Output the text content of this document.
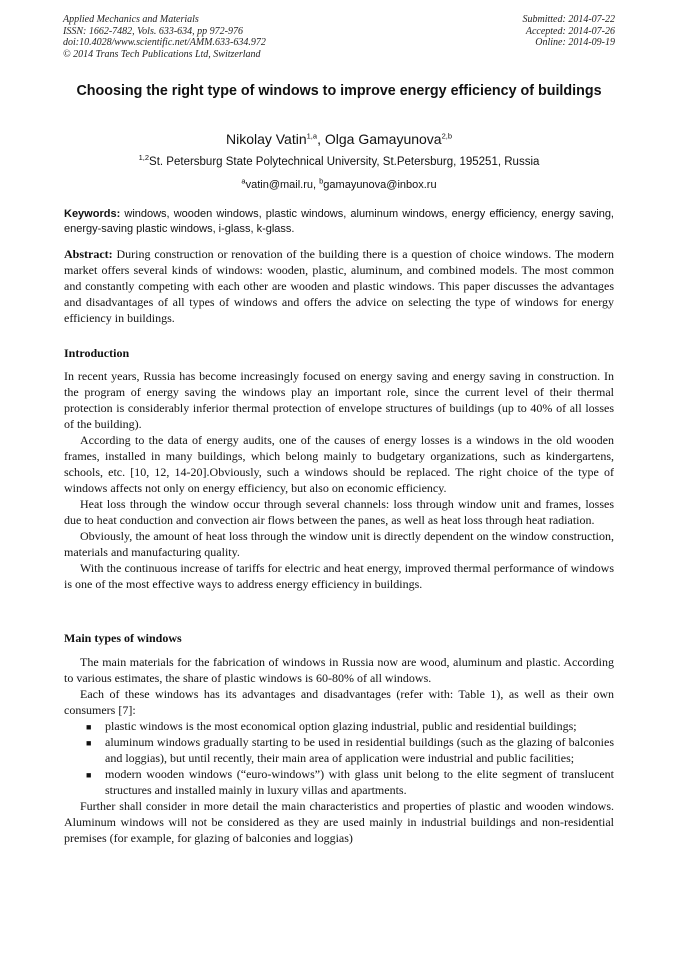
Applied Mechanics and Materials
ISSN: 1662-7482, Vols. 633-634, pp 972-976
doi:10.4028/www.scientific.net/AMM.633-634.972
© 2014 Trans Tech Publications Ltd, Switzerland
Submitted: 2014-07-22
Accepted: 2014-07-26
Online: 2014-09-19
Choosing the right type of windows to improve energy efficiency of buildings
Nikolay Vatin$^{1,a}$, Olga Gamayunova$^{2,b}$
$^{1,2}$St. Petersburg State Polytechnical University, St.Petersburg, 195251, Russia
$^a$vatin@mail.ru, $^b$gamayunova@inbox.ru
Keywords: windows, wooden windows, plastic windows, aluminum windows, energy efficiency, energy saving, energy-saving plastic windows, i-glass, k-glass.
Abstract: During construction or renovation of the building there is a question of choice windows. The modern market offers several kinds of windows: wooden, plastic, aluminum, and combined models. The most common and constantly competing with each other are wooden and plastic windows. This paper discusses the advantages and disadvantages of all types of windows and offers the advice on selecting the type of windows for energy efficiency in buildings.
Introduction

In recent years, Russia has become increasingly focused on energy saving and energy saving in construction. In the program of energy saving the windows play an important role, since the current level of their thermal protection is considerably inferior thermal protection of envelope structures of buildings (up to 40% of all losses of the building).

According to the data of energy audits, one of the causes of energy losses is a windows in the old wooden frames, installed in many buildings, which belong mainly to budgetary organizations, such as kindergartens, schools, etc. [10, 12, 14-20].Obviously, such a windows should be replaced. The right choice of the type of windows affects not only on energy efficiency, but also on economic efficiency.

Heat loss through the window occur through several channels: loss through window unit and frames, losses due to heat conduction and convection air flows between the panes, as well as heat loss through heat radiation.

Obviously, the amount of heat loss through the window unit is directly dependent on the window construction, materials and manufacturing quality.

With the continuous increase of tariffs for electric and heat energy, improved thermal performance of windows is one of the most effective ways to address energy efficiency in buildings.

Main types of windows

The main materials for the fabrication of windows in Russia now are wood, aluminum and plastic. According to various estimates, the share of plastic windows is 60-80% of all windows.

Each of these windows has its advantages and disadvantages (refer with: Table 1), as well as their own consumers [7]:

■ plastic windows is the most economical option glazing industrial, public and residential buildings;
■ aluminum windows gradually starting to be used in residential buildings (such as the glazing of balconies and loggias), but until recently, their main area of application were industrial and public facilities;
■ modern wooden windows (“euro-windows”) with glass unit belong to the elite segment of translucent structures and installed mainly in luxury villas and apartments.

Further shall consider in more detail the main characteristics and properties of plastic and wooden windows. Aluminum windows will not be considered as they are used mainly in industrial buildings and non-residential premises (for example, for glazing of balconies and loggias)
